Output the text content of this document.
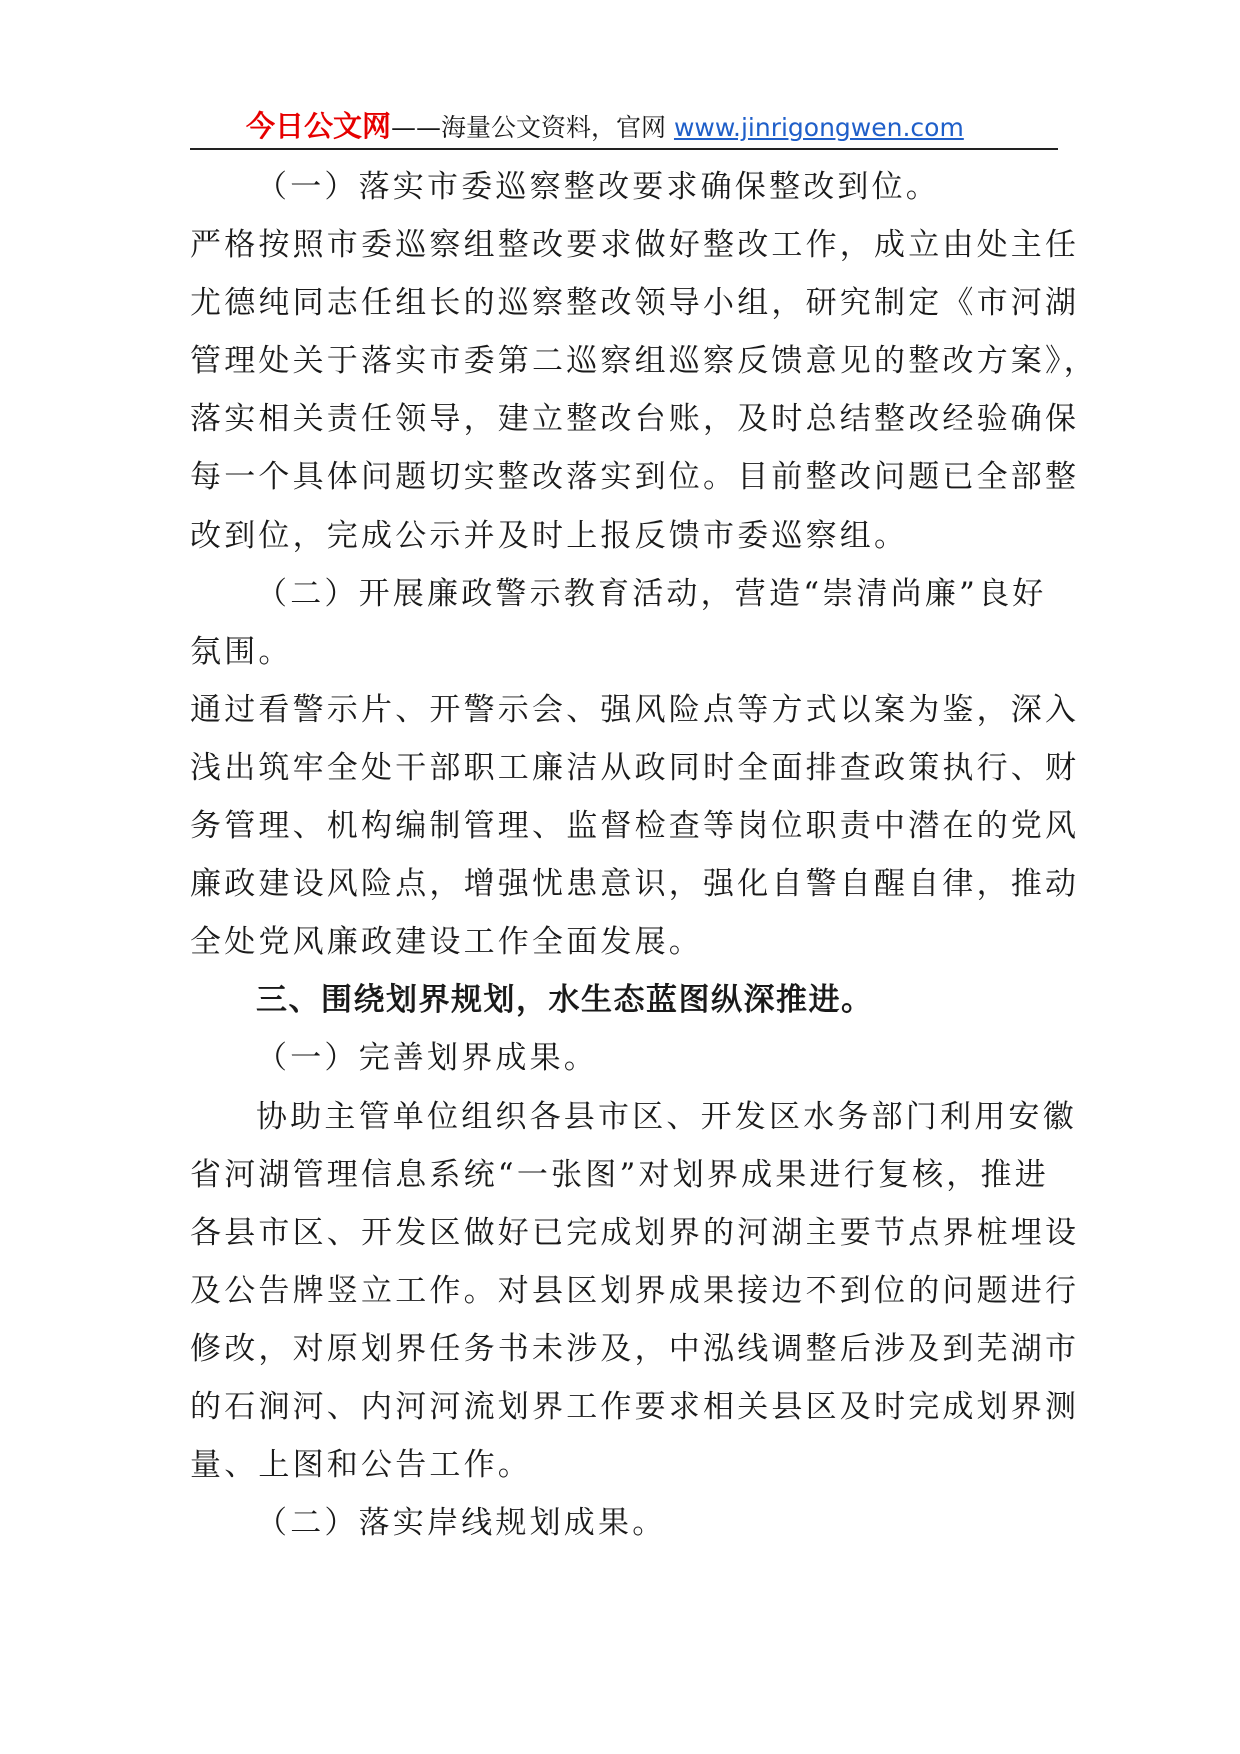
今日公文网——海量公文资料，官网 www.jinrigongwen.com
（一）落实市委巡察整改要求确保整改到位。
严格按照市委巡察组整改要求做好整改工作，成立由处主任
尤德纯同志任组长的巡察整改领导小组，研究制定《市河湖
管理处关于落实市委第二巡察组巡察反馈意见的整改方案》，
落实相关责任领导，建立整改台账，及时总结整改经验确保
每一个具体问题切实整改落实到位。目前整改问题已全部整
改到位，完成公示并及时上报反馈市委巡察组。
（二）开展廉政警示教育活动，营造“崇清尚廉”良好
氛围。
通过看警示片、开警示会、强风险点等方式以案为鉴，深入
浅出筑牢全处干部职工廉洁从政同时全面排查政策执行、财
务管理、机构编制管理、监督检查等岗位职责中潜在的党风
廉政建设风险点，增强忧患意识，强化自警自醒自律，推动
全处党风廉政建设工作全面发展。
三、围绕划界规划，水生态蓝图纵深推进。
（一）完善划界成果。
协助主管单位组织各县市区、开发区水务部门利用安徽
省河湖管理信息系统“一张图”对划界成果进行复核，推进
各县市区、开发区做好已完成划界的河湖主要节点界桩埋设
及公告牌竖立工作。对县区划界成果接边不到位的问题进行
修改，对原划界任务书未涉及，中泓线调整后涉及到芜湖市
的石涧河、内河河流划界工作要求相关县区及时完成划界测
量、上图和公告工作。
（二）落实岸线规划成果。
